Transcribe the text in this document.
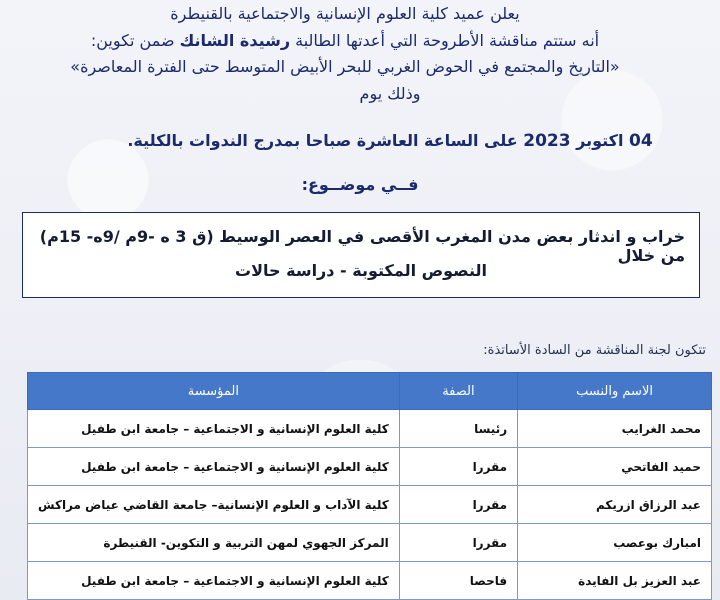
يعلن عميد كلية العلوم الإنسانية والاجتماعية بالقنيطرة
أنه ستتم مناقشة الأطروحة التي أعدتها الطالبة رشيدة الشانك ضمن تكوين:
«التاريخ والمجتمع في الحوض الغربي للبحر الأبيض المتوسط حتى الفترة المعاصرة»
وذلك يوم
04 اكتوبر 2023 على الساعة العاشرة صباحا بمدرج الندوات بالكلية.
فــي موضــوع:
خراب و اندثار بعض مدن المغرب الأقصى في العصر الوسيط (ق 3 ه -9م /9ه- 15م) من خلال
النصوص المكتوبة - دراسة حالات
تتكون لجنة المناقشة من السادة الأساتذة:
الاسم والنسب	الصفة	المؤسسة
محمد الغرايب	رئيسا	كلية العلوم الإنسانية و الاجتماعية – جامعة ابن طفيل
حميد الفاتحي	مقررا	كلية العلوم الإنسانية و الاجتماعية – جامعة ابن طفيل
عبد الرزاق ازريكم	مقررا	كلية الآداب و العلوم الإنسانية– جامعة القاضي عياض مراكش
امبارك بوعصب	مقررا	المركز الجهوي لمهن التربية و التكوين- القنيطرة
عبد العزيز بل الفايدة	فاحصا	كلية العلوم الإنسانية و الاجتماعية – جامعة ابن طفيل
